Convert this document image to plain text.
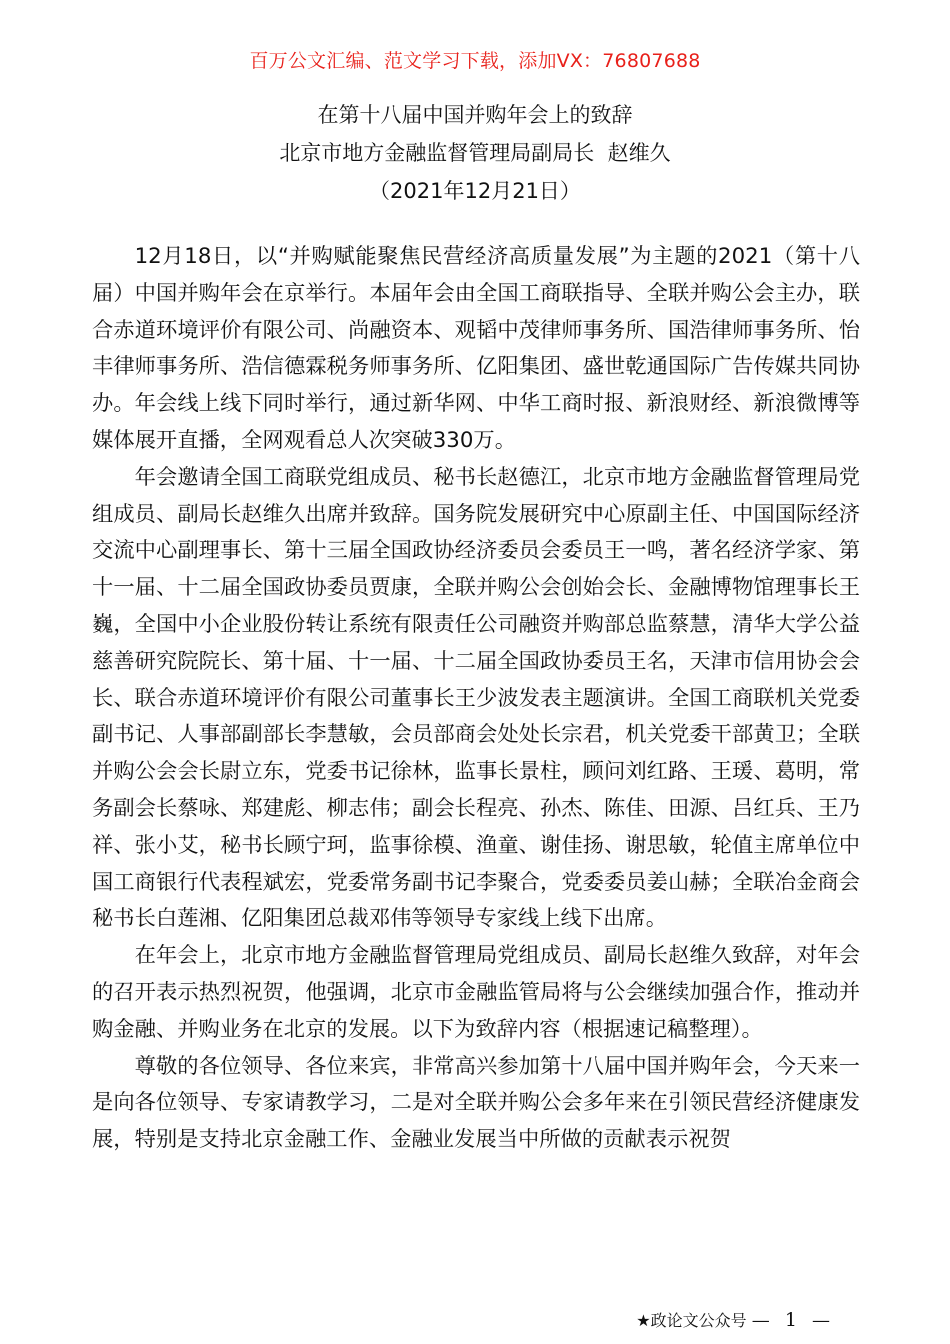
百万公文汇编、范文学习下载，添加VX：76807688
在第十八届中国并购年会上的致辞
北京市地方金融监督管理局副局长  赵维久
（2021年12月21日）

12月18日，以“并购赋能聚焦民营经济高质量发展”为主题的2021（第十八届）中国并购年会在京举行。本届年会由全国工商联指导、全联并购公会主办，联合赤道环境评价有限公司、尚融资本、观韬中茂律师事务所、国浩律师事务所、怡丰律师事务所、浩信德霖税务师事务所、亿阳集团、盛世乾通国际广告传媒共同协办。年会线上线下同时举行，通过新华网、中华工商时报、新浪财经、新浪微博等媒体展开直播，全网观看总人次突破330万。

年会邀请全国工商联党组成员、秘书长赵德江，北京市地方金融监督管理局党组成员、副局长赵维久出席并致辞。国务院发展研究中心原副主任、中国国际经济交流中心副理事长、第十三届全国政协经济委员会委员王一鸣，著名经济学家、第十一届、十二届全国政协委员贾康，全联并购公会创始会长、金融博物馆理事长王巍，全国中小企业股份转让系统有限责任公司融资并购部总监蔡慧，清华大学公益慈善研究院院长、第十届、十一届、十二届全国政协委员王名，天津市信用协会会长、联合赤道环境评价有限公司董事长王少波发表主题演讲。全国工商联机关党委副书记、人事部副部长李慧敏，会员部商会处处长宗君，机关党委干部黄卫；全联并购公会会长尉立东，党委书记徐林，监事长景柱，顾问刘红路、王瑗、葛明，常务副会长蔡咏、郑建彪、柳志伟；副会长程亮、孙杰、陈佳、田源、吕红兵、王乃祥、张小艾，秘书长顾宁珂，监事徐模、渔童、谢佳扬、谢思敏，轮值主席单位中国工商银行代表程斌宏，党委常务副书记李聚合，党委委员姜山赫；全联冶金商会秘书长白莲湘、亿阳集团总裁邓伟等领导专家线上线下出席。

在年会上，北京市地方金融监督管理局党组成员、副局长赵维久致辞，对年会的召开表示热烈祝贺，他强调，北京市金融监管局将与公会继续加强合作，推动并购金融、并购业务在北京的发展。以下为致辞内容（根据速记稿整理）。

尊敬的各位领导、各位来宾，非常高兴参加第十八届中国并购年会，今天来一是向各位领导、专家请教学习，二是对全联并购公会多年来在引领民营经济健康发展，特别是支持北京金融工作、金融业发展当中所做的贡献表示祝贺

★政论文公众号 — 1 —
